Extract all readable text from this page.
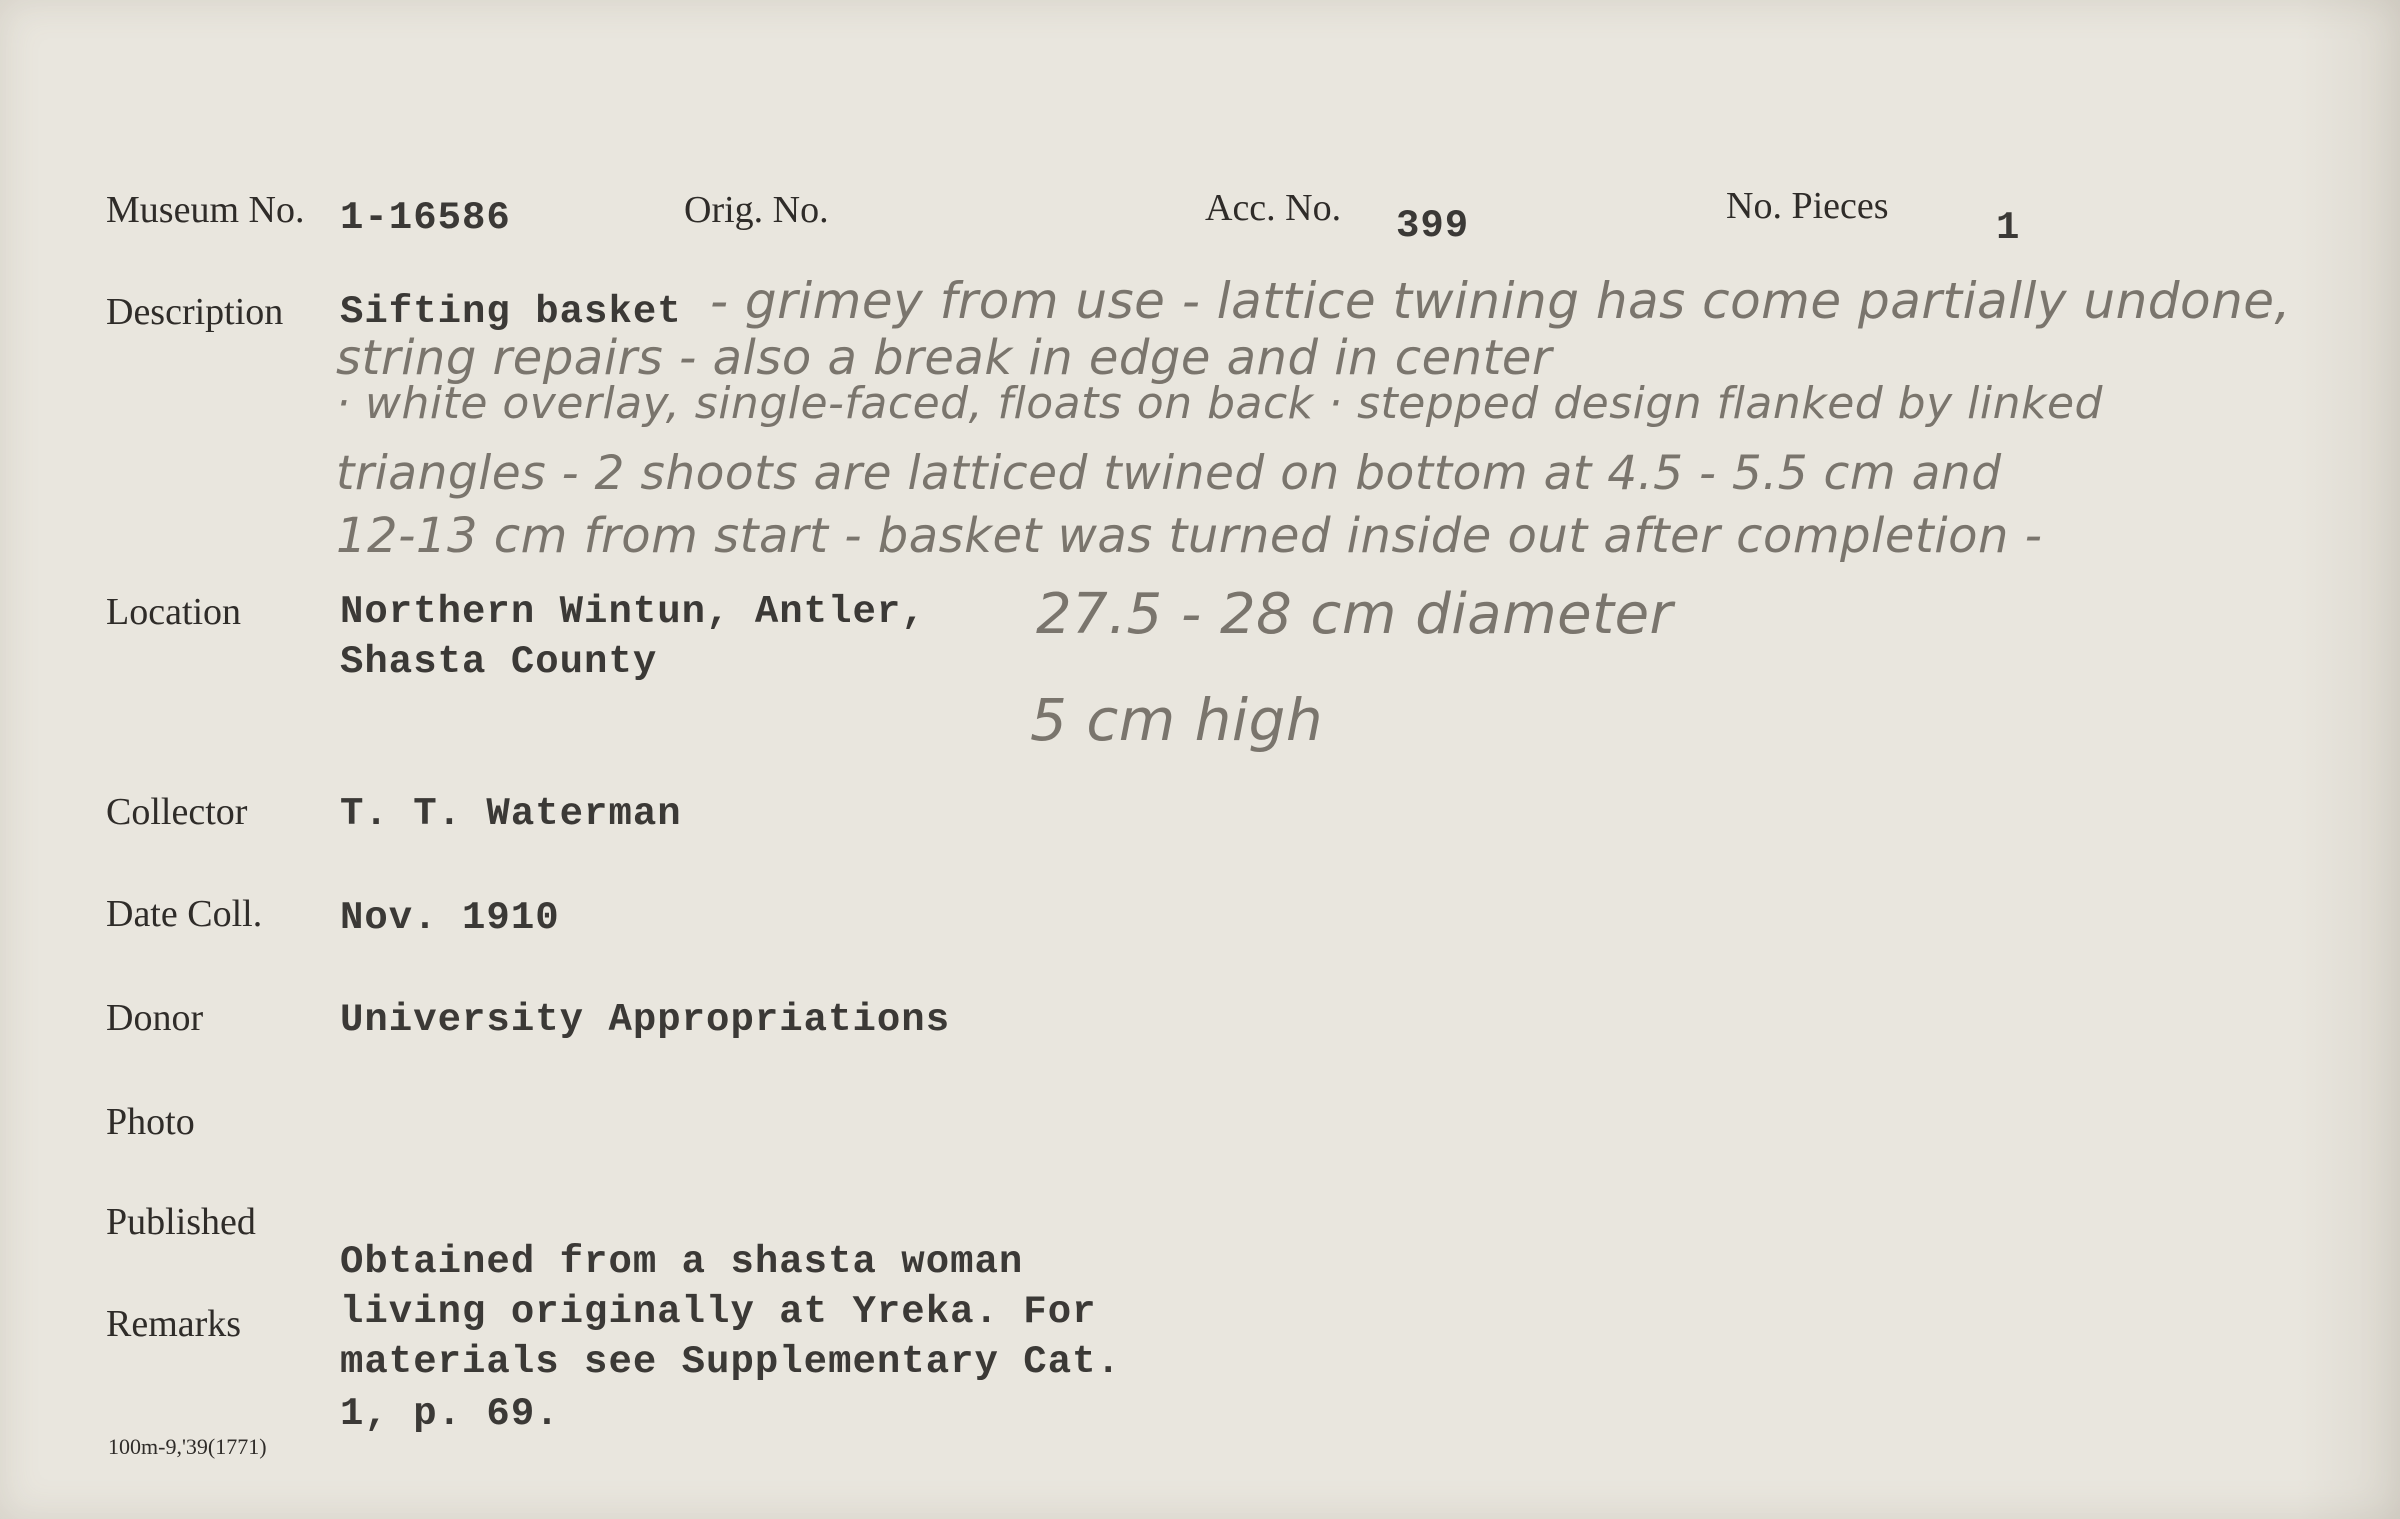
Museum No. 1-16586	Orig. No.	Acc. No. 399	No. Pieces	1
Description Sifting basket - grimey from use - lattice twining has come partially undone,
string repairs - also a break in edge and in center
· white overlay, single-faced, floats on back · stepped design flanked by linked
triangles - 2 shoots are latticed twined on bottom at 4.5 - 5.5 cm and
12-13 cm from start - basket was turned inside out after completion -
Location	Northern Wintun, Antler,
Shasta County
27.5 - 28 cm diameter
5 cm high
Collector T. T. Waterman
Date Coll. Nov. 1910
Donor	University Appropriations
Photo
Published
Remarks
Obtained from a shasta woman
living originally at Yreka. For
materials see Supplementary Cat.
1, p. 69.
100m-9,'39(1771)
